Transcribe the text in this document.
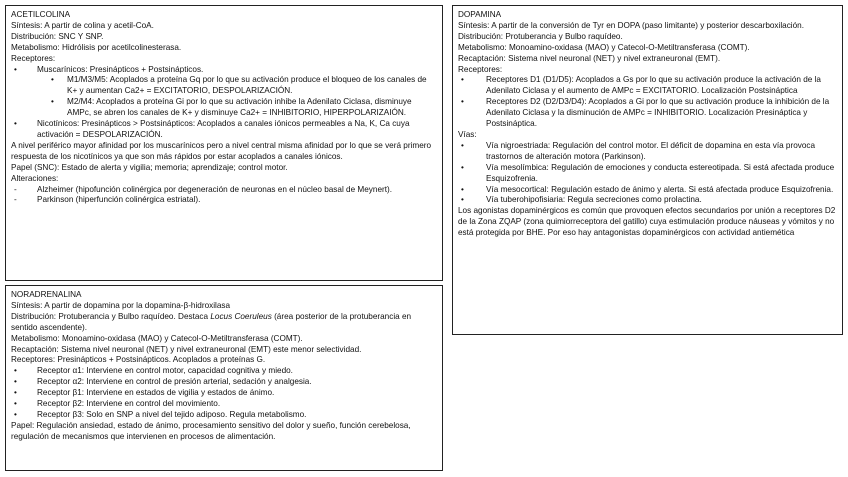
ACETILCOLINA

Síntesis: A partir de colina y acetil-CoA.

Distribución: SNC Y SNP.

Metabolismo: Hidrólisis por acetilcolinesterasa.

Receptores:

• Muscarínicos: Presinápticos + Postsinápticos.
• M1/M3/M5: Acoplados a proteína Gq por lo que su activación produce el bloqueo de los canales de K+ y aumentan Ca2+ = EXCITATORIO, DESPOLARIZACIÓN.
• M2/M4: Acoplados a proteína Gi por lo que su activación inhibe la Adenilato Ciclasa, disminuye AMPc, se abren los canales de K+ y disminuye Ca2+ = INHIBITORIO, HIPERPOLARIZAIÓN.
• Nicotínicos: Presinápticos > Postsinápticos: Acoplados a canales iónicos permeables a Na, K, Ca cuya activación = DESPOLARIZACIÓN.

A nivel periférico mayor afinidad por los muscarínicos pero a nivel central misma afinidad por lo que se verá primero respuesta de los nicotínicos ya que son más rápidos por estar acoplados a canales iónicos.

Papel (SNC): Estado de alerta y vigilia; memoria; aprendizaje; control motor.

Alteraciones:

- Alzheimer (hipofunción colinérgica por degeneración de neuronas en el núcleo basal de Meynert).
- Parkinson (hiperfunción colinérgica estriatal).

NORADRENALINA

Síntesis: A partir de dopamina por la dopamina-β-hidroxilasa

Distribución: Protuberancia y Bulbo raquídeo. Destaca Locus Coeruleus (área posterior de la protuberancia en sentido ascendente).

Metabolismo: Monoamino-oxidasa (MAO) y Catecol-O-Metiltransferasa (COMT).

Recaptación: Sistema nivel neuronal (NET) y nivel extraneuronal (EMT) este menor selectividad.

Receptores: Presinápticos + Postsinápticos. Acoplados a proteínas G.

• Receptor α1: Interviene en control motor, capacidad cognitiva y miedo.
• Receptor α2: Interviene en control de presión arterial, sedación y analgesia.
• Receptor β1: Interviene en estados de vigilia y estados de ánimo.
• Receptor β2: Interviene en control del movimiento.
• Receptor β3: Solo en SNP a nivel del tejido adiposo. Regula metabolismo.

Papel: Regulación ansiedad, estado de ánimo, procesamiento sensitivo del dolor y sueño, función cerebelosa, regulación de mecanismos que intervienen en procesos de alimentación.

DOPAMINA

Síntesis: A partir de la conversión de Tyr en DOPA (paso limitante) y posterior descarboxilación.

Distribución: Protuberancia y Bulbo raquídeo.

Metabolismo: Monoamino-oxidasa (MAO) y Catecol-O-Metiltransferasa (COMT).

Recaptación: Sistema nivel neuronal (NET) y nivel extraneuronal (EMT).

Receptores:

•	Receptores D1 (D1/D5): Acoplados a Gs por lo que su activación produce la activación de la Adenilato Ciclasa y el aumento de AMPc = EXCITATORIO. Localización Postsináptica
•	Receptores D2 (D2/D3/D4): Acoplados a Gi por lo que su activación produce la inhibición de la Adenilato Ciclasa y la disminución de AMPc = INHIBITORIO. Localización Presináptica y Postsináptica.

Vías:

•	Vía nigroestriada: Regulación del control motor. El déficit de dopamina en esta vía provoca trastornos de alteración motora (Parkinson).
•	Vía mesolímbica: Regulación de emociones y conducta estereotipada. Si está afectada produce Esquizofrenia.
•	Vía mesocortical: Regulación estado de ánimo y alerta. Si está afectada produce Esquizofrenia.
•	Vía tuberohipofisiaria: Regula secreciones como prolactina.

Los agonistas dopaminérgicos es común que provoquen efectos secundarios por unión a receptores D2 de la Zona ZQAP (zona quimiorreceptora del gatillo) cuya estimulación produce náuseas y vómitos y no está protegida por BHE. Por eso hay antagonistas dopaminérgicos con actividad antiemética
